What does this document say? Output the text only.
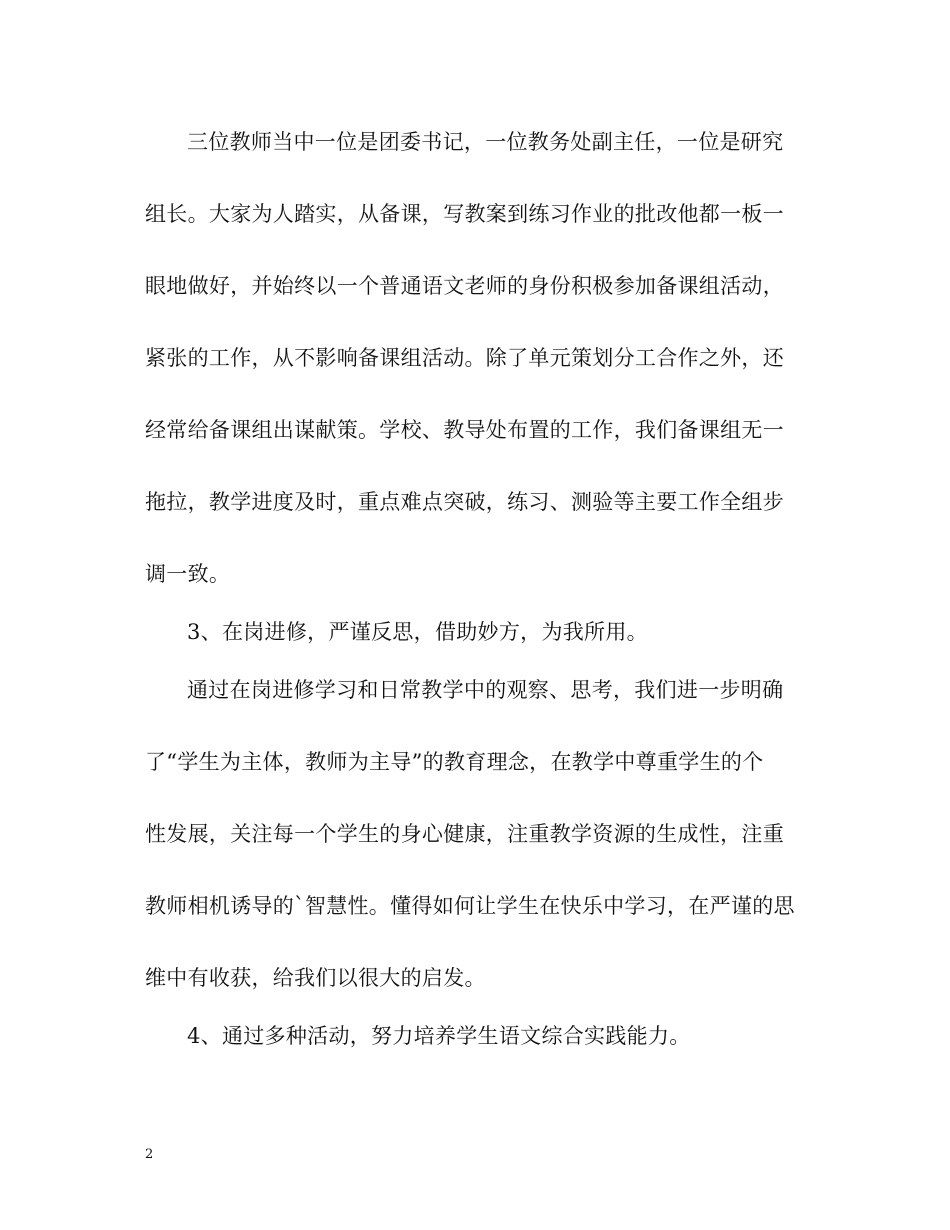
三位教师当中一位是团委书记，一位教务处副主任，一位是研究
组长。大家为人踏实，从备课，写教案到练习作业的批改他都一板一
眼地做好，并始终以一个普通语文老师的身份积极参加备课组活动，
紧张的工作，从不影响备课组活动。除了单元策划分工合作之外，还
经常给备课组出谋献策。学校、教导处布置的工作，我们备课组无一
拖拉，教学进度及时，重点难点突破，练习、测验等主要工作全组步
调一致。
3、在岗进修，严谨反思，借助妙方，为我所用。
通过在岗进修学习和日常教学中的观察、思考，我们进一步明确
了“学生为主体，教师为主导”的教育理念，在教学中尊重学生的个
性发展，关注每一个学生的身心健康，注重教学资源的生成性，注重
教师相机诱导的`智慧性。懂得如何让学生在快乐中学习，在严谨的思
维中有收获，给我们以很大的启发。
4、通过多种活动，努力培养学生语文综合实践能力。
2
